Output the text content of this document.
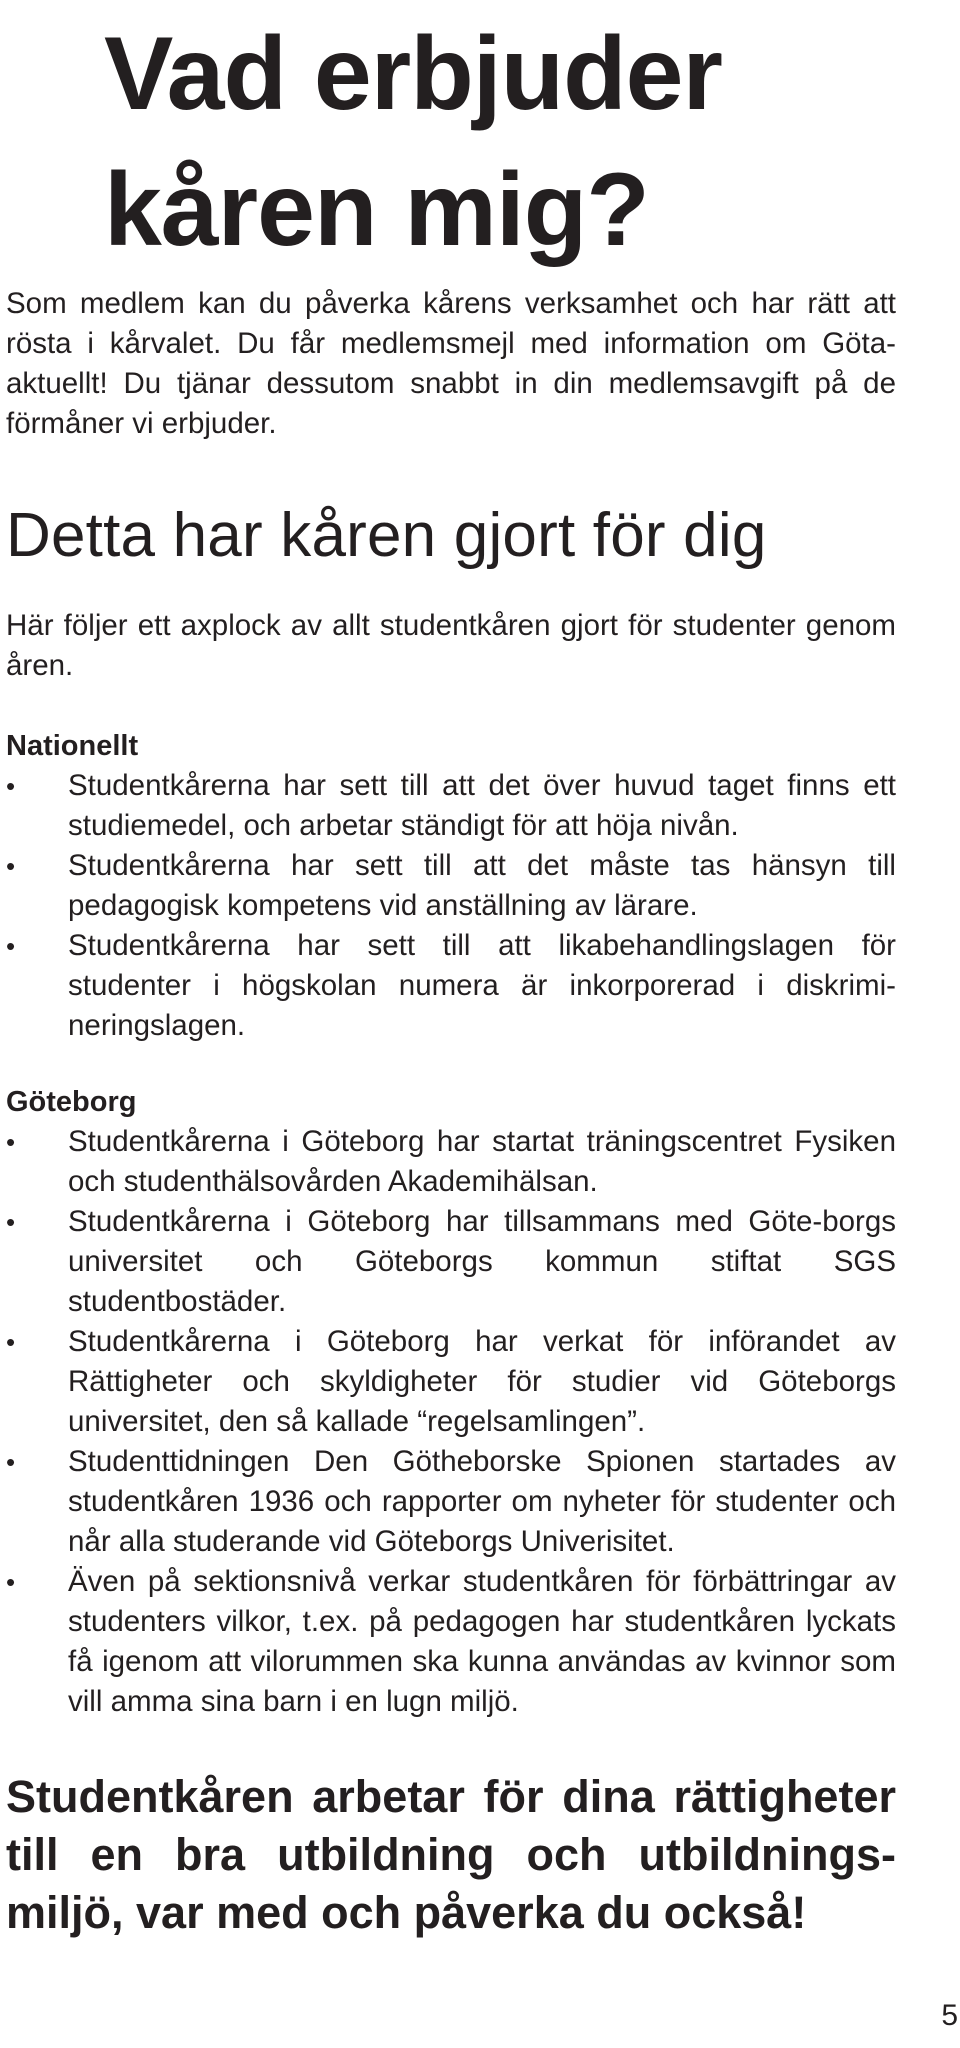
Vad erbjuder
kåren mig?

Som medlem kan du påverka kårens verksamhet och har rätt att rösta i kårvalet. Du får medlemsmejl med information om Göta-aktuellt! Du tjänar dessutom snabbt in din medlemsavgift på de förmåner vi erbjuder.

Detta har kåren gjort för dig

Här följer ett axplock av allt studentkåren gjort för studenter genom åren.

Nationellt
•	Studentkårerna har sett till att det över huvud taget finns ett studiemedel, och arbetar ständigt för att höja nivån.
•	Studentkårerna har sett till att det måste tas hänsyn till pedagogisk kompetens vid anställning av lärare.
•	Studentkårerna har sett till att likabehandlingslagen för studenter i högskolan numera är inkorporerad i diskrimi-neringslagen.
Göteborg
•	Studentkårerna i Göteborg har startat träningscentret Fysiken och studenthälsovården Akademihälsan.
•	Studentkårerna i Göteborg har tillsammans med Göte-borgs universitet och Göteborgs kommun stiftat SGS studentbostäder.
•	Studentkårerna i Göteborg har verkat för införandet av Rättigheter och skyldigheter för studier vid Göteborgs universitet, den så kallade “regelsamlingen”.
•	Studenttidningen Den Götheborske Spionen startades av studentkåren 1936 och rapporter om nyheter för studenter och når alla studerande vid Göteborgs Univerisitet.
•	Även på sektionsnivå verkar studentkåren för förbättringar av studenters vilkor, t.ex. på pedagogen har studentkåren lyckats få igenom att vilorummen ska kunna användas av kvinnor som vill amma sina barn i en lugn miljö.

Studentkåren arbetar för dina rättigheter till en bra utbildning och utbildnings-miljö, var med och påverka du också!

5
